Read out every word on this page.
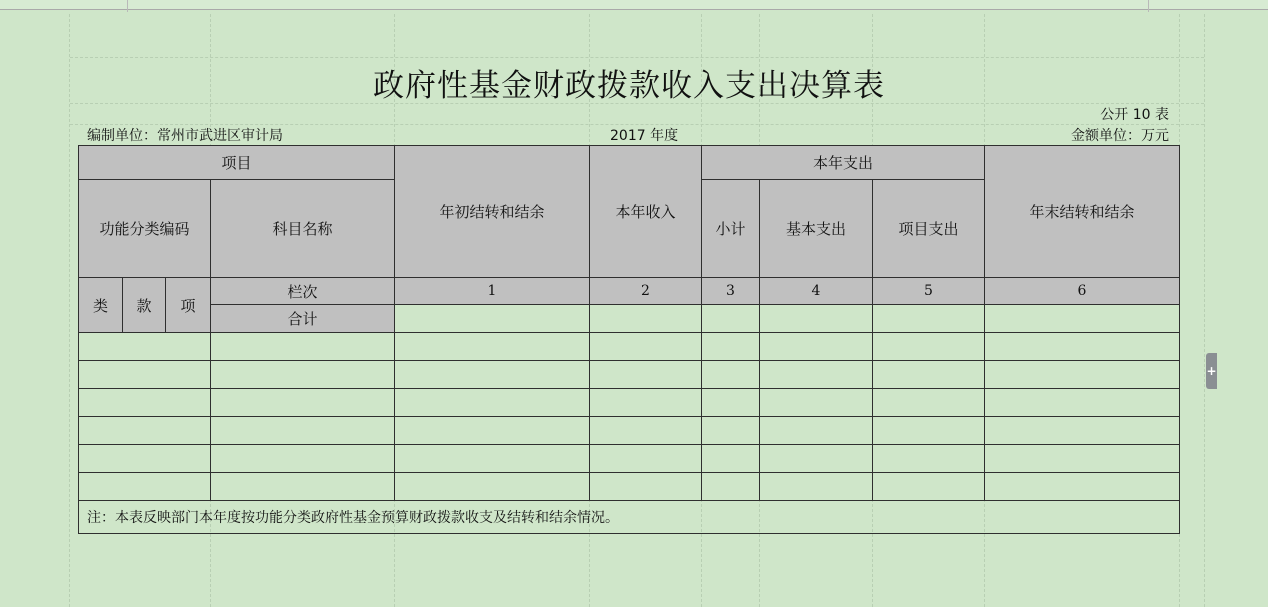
政府性基金财政拨款收入支出决算表
公开 10 表
编制单位：常州市武进区审计局	2017 年度	金额单位：万元
项目				年初结转和结余	本年收入	本年支出			年末结转和结余
功能分类编码			科目名称			小计	基本支出	项目支出	
类	款	项	栏次	1	2	3	4	5	6
			合计						

注：本表反映部门本年度按功能分类政府性基金预算财政拨款收支及结转和结余情况。									
+
